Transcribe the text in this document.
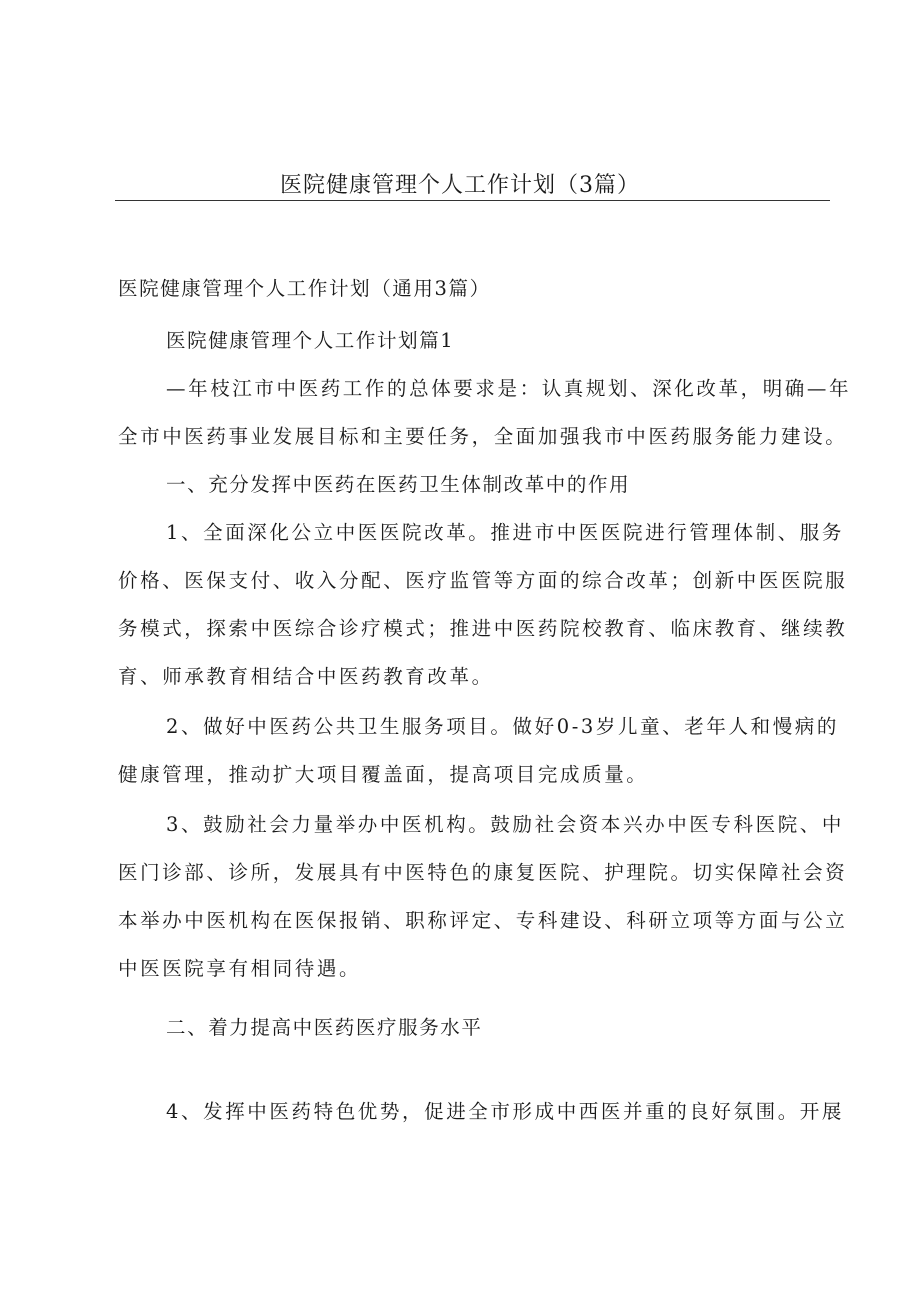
医院健康管理个人工作计划（3篇）

医院健康管理个人工作计划（通用3篇）

医院健康管理个人工作计划篇1

—年枝江市中医药工作的总体要求是：认真规划、深化改革，明确—年

全市中医药事业发展目标和主要任务，全面加强我市中医药服务能力建设。

一、充分发挥中医药在医药卫生体制改革中的作用

1、全面深化公立中医医院改革。推进市中医医院进行管理体制、服务

价格、医保支付、收入分配、医疗监管等方面的综合改革；创新中医医院服

务模式，探索中医综合诊疗模式；推进中医药院校教育、临床教育、继续教

育、师承教育相结合中医药教育改革。

2、做好中医药公共卫生服务项目。做好0-3岁儿童、老年人和慢病的

健康管理，推动扩大项目覆盖面，提高项目完成质量。

3、鼓励社会力量举办中医机构。鼓励社会资本兴办中医专科医院、中

医门诊部、诊所，发展具有中医特色的康复医院、护理院。切实保障社会资

本举办中医机构在医保报销、职称评定、专科建设、科研立项等方面与公立

中医医院享有相同待遇。

二、着力提高中医药医疗服务水平

4、发挥中医药特色优势，促进全市形成中西医并重的良好氛围。开展
